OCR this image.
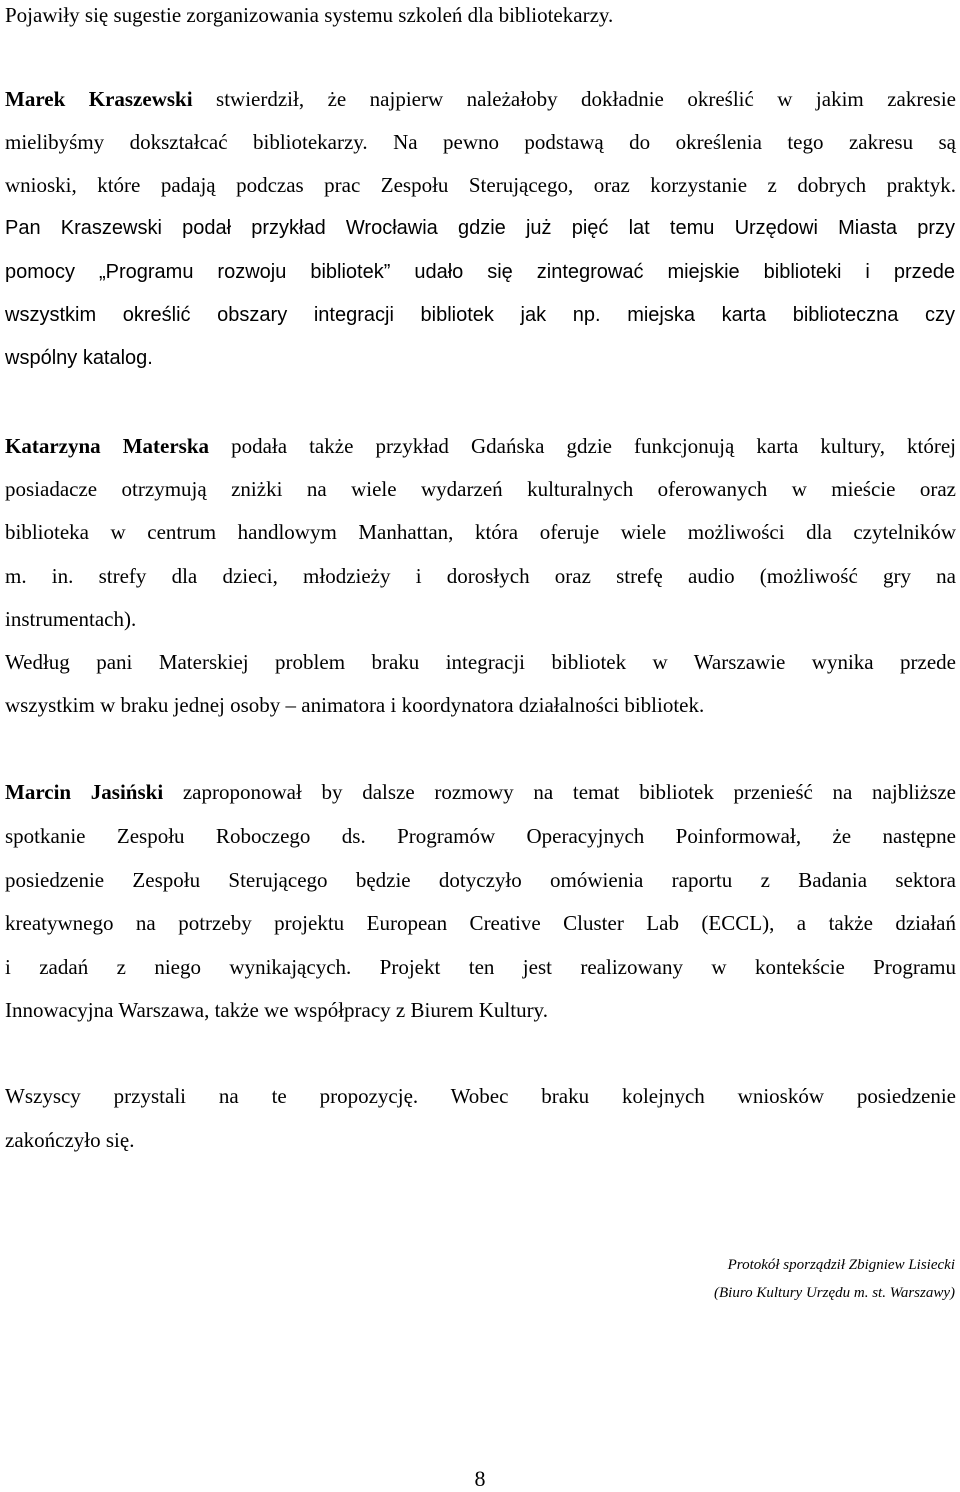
Pojawiły się sugestie zorganizowania systemu szkoleń dla bibliotekarzy.
Marek Kraszewski stwierdził, że najpierw należałoby dokładnie określić w jakim zakresie
mielibyśmy dokształcać bibliotekarzy. Na pewno podstawą do określenia tego zakresu są
wnioski, które padają podczas prac Zespołu Sterującego, oraz korzystanie z dobrych praktyk.
Pan Kraszewski podał przykład Wrocławia gdzie już pięć lat temu Urzędowi Miasta przy
pomocy „Programu rozwoju bibliotek” udało się zintegrować miejskie biblioteki i przede
wszystkim określić obszary integracji bibliotek jak np. miejska karta biblioteczna czy
wspólny katalog.
Katarzyna Materska podała także przykład Gdańska gdzie funkcjonują karta kultury, której
posiadacze otrzymują zniżki na wiele wydarzeń kulturalnych oferowanych w mieście oraz
biblioteka w centrum handlowym Manhattan, która oferuje wiele możliwości dla czytelników
m. in. strefy dla dzieci, młodzieży i dorosłych oraz strefę audio (możliwość gry na
instrumentach).
Według pani Materskiej problem braku integracji bibliotek w Warszawie wynika przede
wszystkim w braku jednej osoby – animatora i koordynatora działalności bibliotek.
Marcin Jasiński zaproponował by dalsze rozmowy na temat bibliotek przenieść na najbliższe
spotkanie Zespołu Roboczego ds. Programów Operacyjnych Poinformował, że następne
posiedzenie Zespołu Sterującego będzie dotyczyło omówienia raportu z Badania sektora
kreatywnego na potrzeby projektu European Creative Cluster Lab (ECCL), a także działań
i zadań z niego wynikających. Projekt ten jest realizowany w kontekście Programu
Innowacyjna Warszawa, także we współpracy z Biurem Kultury.
Wszyscy przystali na te propozycję. Wobec braku kolejnych wniosków posiedzenie
zakończyło się.
Protokół sporządził Zbigniew Lisiecki
(Biuro Kultury Urzędu m. st. Warszawy)
8
